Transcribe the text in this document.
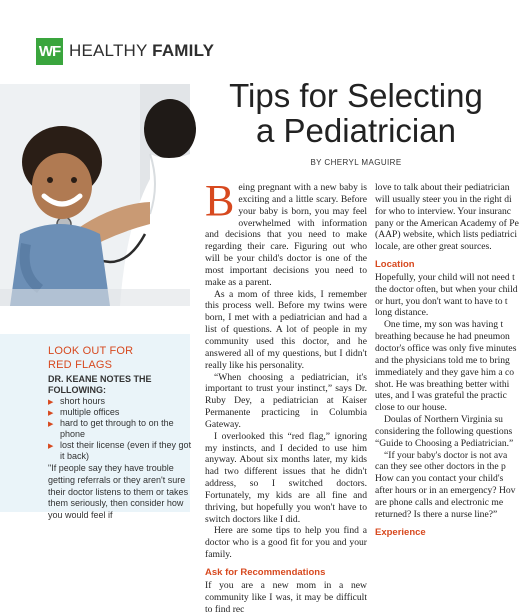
WF HEALTHY FAMILY
LOOK OUT FOR
RED FLAGS
DR. KEANE NOTES THE FOLLOWING:
▶ short hours
▶ multiple offices
▶ hard to get through to on the phone
▶ lost their license (even if they got it back)
"If people say they have trouble getting referrals or they aren't sure their doctor listens to them or takes them seriously, then consider how you would feel if
Tips for Selecting
a Pediatrician
BY CHERYL MAGUIRE

Being pregnant with a new baby is exciting and a little scary. Before your baby is born, you may feel overwhelmed with information and decisions that you need to make regarding their care. Figuring out who will be your child's doctor is one of the most important decisions you need to make as a parent.

As a mom of three kids, I remember this process well. Before my twins were born, I met with a pediatrician and had a list of questions. A lot of people in my community used this doctor, and he answered all of my questions, but I didn't really like his personality.

“When choosing a pediatrician, it's important to trust your instinct,” says Dr. Ruby Dey, a pediatrician at Kaiser Permanente practicing in Columbia Gateway.

I overlooked this “red flag,” ignoring my instincts, and I decided to use him anyway. About six months later, my kids had two different issues that he didn't address, so I switched doctors. Fortunately, my kids are all fine and thriving, but hopefully you won't have to switch doctors like I did.

Here are some tips to help you find a doctor who is a good fit for you and your family.

Ask for Recommendations

If you are a new mom in a new community like I was, it may be difficult to find rec

love to talk about their pediatrician

will usually steer you in the right di

for who to interview. Your insuranc

pany or the American Academy of Pe

(AAP) website, which lists pediatrici

locale, are other great sources.

Location

Hopefully, your child will not need t

the doctor often, but when your child

or hurt, you don't want to have to t

long distance.

One time, my son was having t

breathing because he had pneumon

doctor's office was only five minutes

and the physicians told me to bring

immediately and they gave him a co

shot. He was breathing better withi

utes, and I was grateful the practic

close to our house.

Doulas of Northern Virginia su

considering the following questions

“Guide to Choosing a Pediatrician.”

“If your baby's doctor is not ava

can they see other doctors in the p

How can you contact your child's

after hours or in an emergency? Hov

are phone calls and electronic me

returned? Is there a nurse line?”

Experience
